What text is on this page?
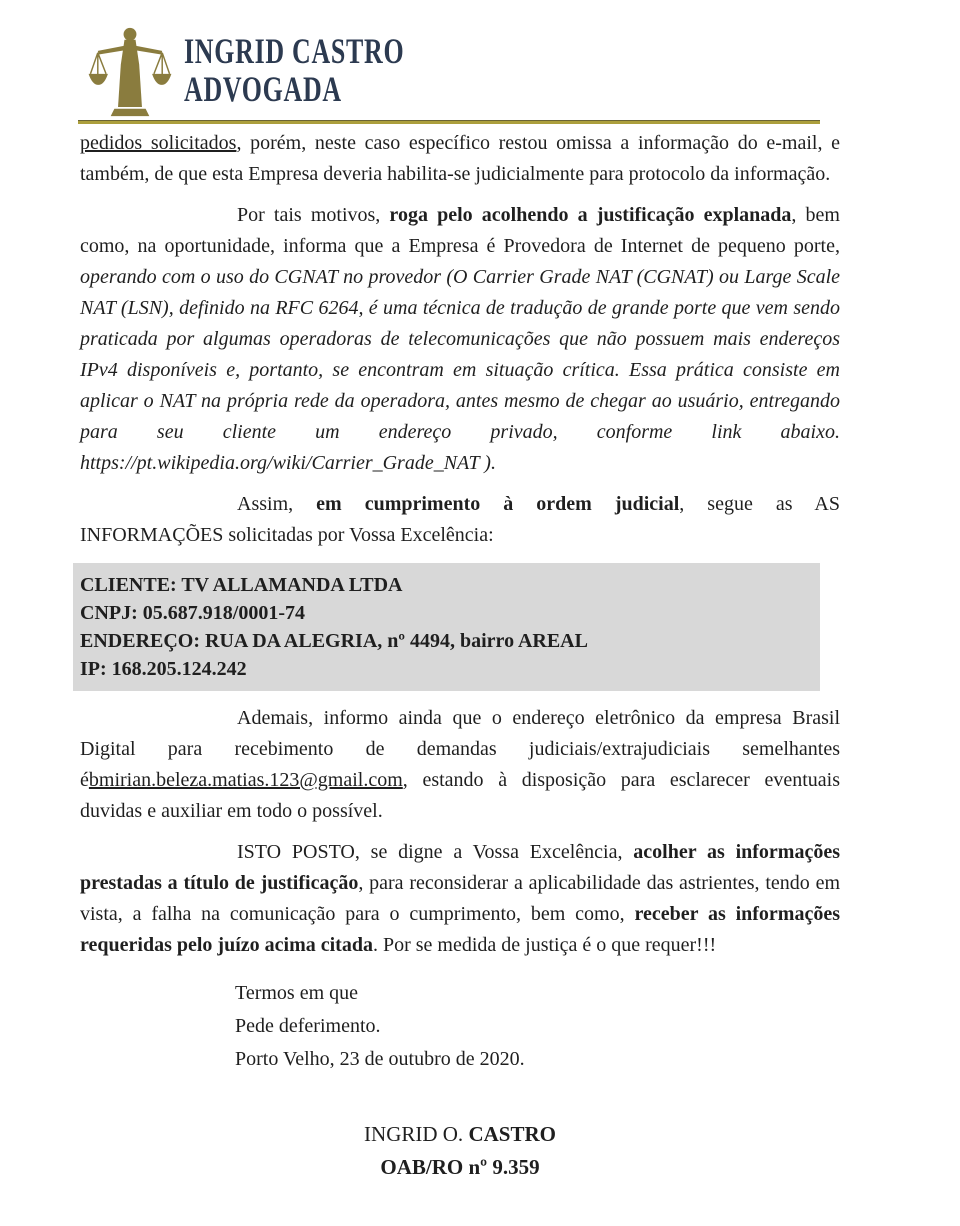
INGRID CASTRO
ADVOGADA

pedidos solicitados, porém, neste caso específico restou omissa a informação do e-mail, e também, de que esta Empresa deveria habilita-se judicialmente para protocolo da informação.

Por tais motivos, roga pelo acolhendo a justificação explanada, bem como, na oportunidade, informa que a Empresa é Provedora de Internet de pequeno porte, operando com o uso do CGNAT no provedor (O Carrier Grade NAT (CGNAT) ou Large Scale NAT (LSN), definido na RFC 6264, é uma técnica de tradução de grande porte que vem sendo praticada por algumas operadoras de telecomunicações que não possuem mais endereços IPv4 disponíveis e, portanto, se encontram em situação crítica. Essa prática consiste em aplicar o NAT na própria rede da operadora, antes mesmo de chegar ao usuário, entregando para seu cliente um endereço privado, conforme link abaixo. https://pt.wikipedia.org/wiki/Carrier_Grade_NAT ).

Assim, em cumprimento à ordem judicial, segue as AS INFORMAÇÕES solicitadas por Vossa Excelência:

CLIENTE: TV ALLAMANDA LTDA
CNPJ: 05.687.918/0001-74
ENDEREÇO: RUA DA ALEGRIA, nº 4494, bairro AREAL
IP: 168.205.124.242

Ademais, informo ainda que o endereço eletrônico da empresa Brasil Digital para recebimento de demandas judiciais/extrajudiciais semelhantes ébmirian.beleza.matias.123@gmail.com, estando à disposição para esclarecer eventuais duvidas e auxiliar em todo o possível.

ISTO POSTO, se digne a Vossa Excelência, acolher as informações prestadas a título de justificação, para reconsiderar a aplicabilidade das astrientes, tendo em vista, a falha na comunicação para o cumprimento, bem como, receber as informações requeridas pelo juízo acima citada. Por se medida de justiça é o que requer!!!

Termos em que
Pede deferimento.
Porto Velho, 23 de outubro de 2020.
INGRID O. CASTRO
OAB/RO nº 9.359
